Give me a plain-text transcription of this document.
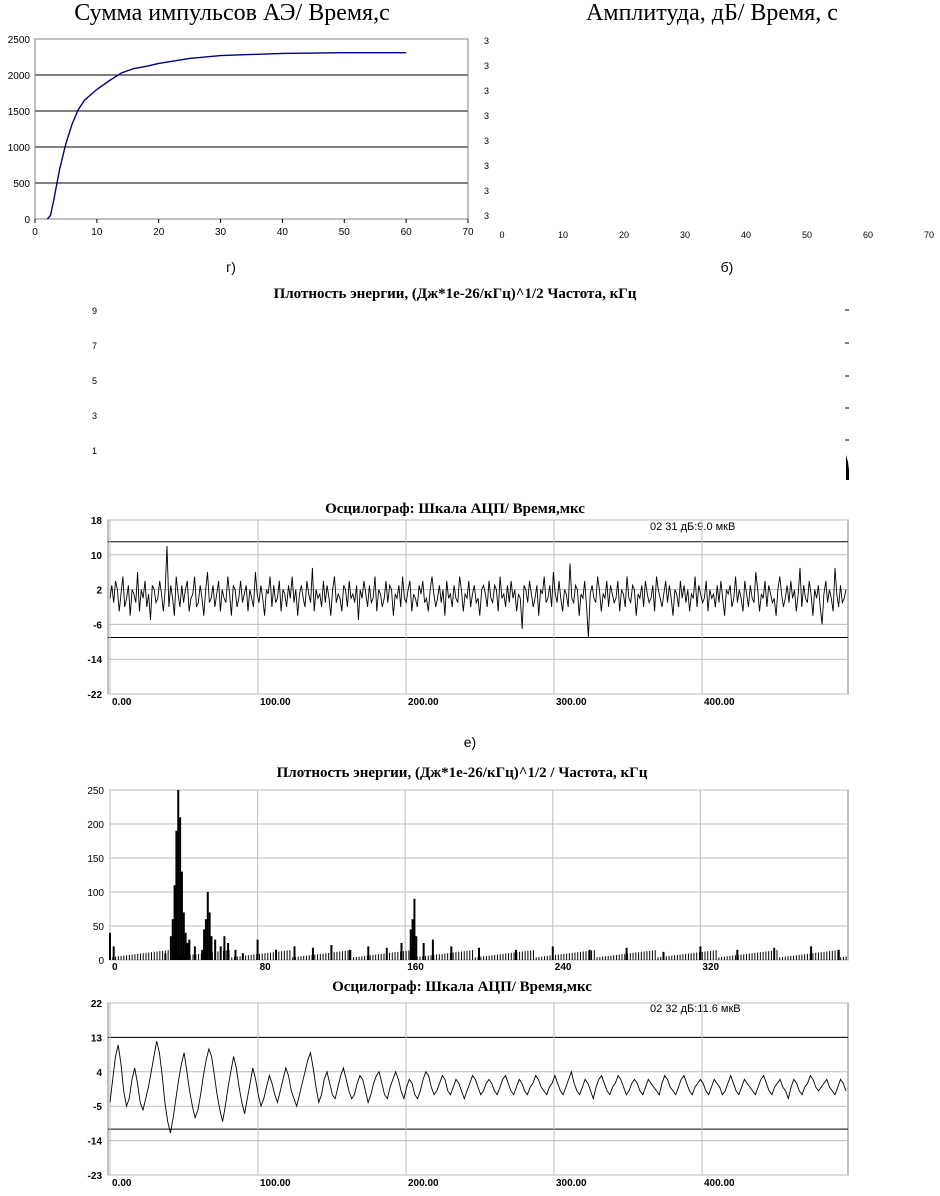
Сумма импульсов АЭ/ Время,с	Амплитуда, дБ/ Время, с
г)	б)
Плотность энергии, (Дж*1е-26/кГц)^1/2 Частота, кГц
Осцилограф: Шкала АЦП/ Время,мкс
02 31 дБ:9.0 мкВ
е)
Плотность энергии, (Дж*1е-26/кГц)^1/2 / Частота, кГц
Осцилограф: Шкала АЦП/ Время,мкс
02 32 дБ:11.6 мкВ
0
500
1000
1500
2000
2500
0	10	20	30	40	50	60	70
3
3
3
3
3
3
3
3
0	10	20	30	40	50	60	70
9
7
5
3
1
18
10
2
-6
-14
-22
0.00	100.00	200.00	300.00	400.00
22
13
4
-5
-14
-23
0.00	100.00	200.00	300.00	400.00
0
50
100
150
200
250
0	80	160	240	320
